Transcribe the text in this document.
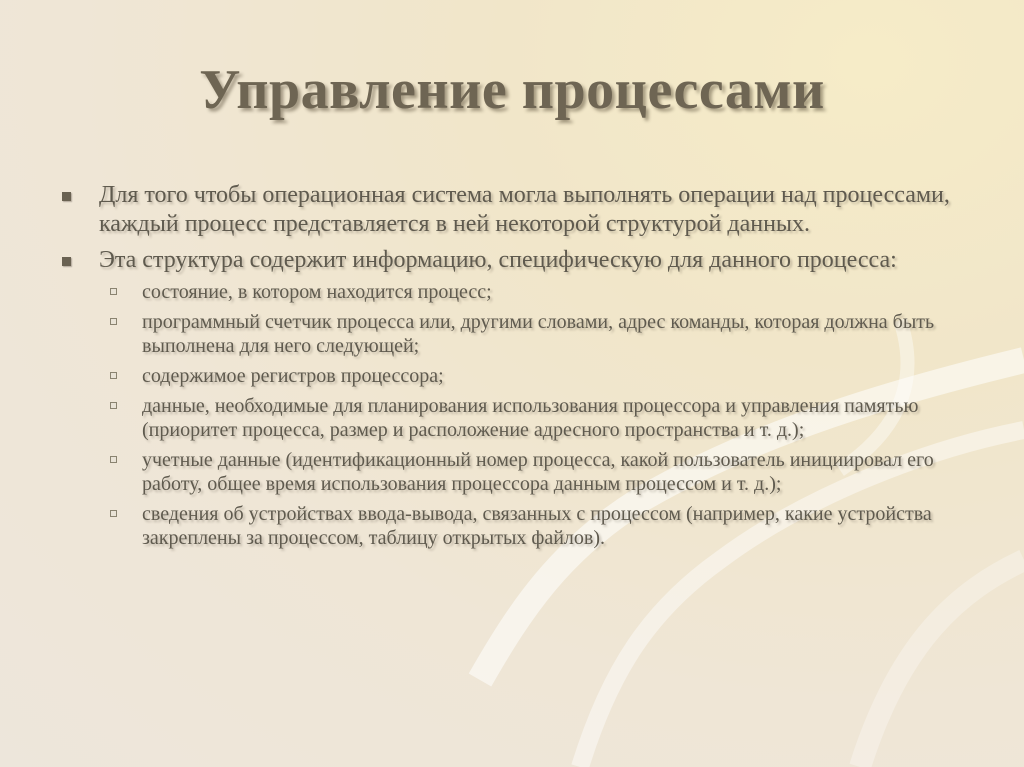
Управление процессами
Для того чтобы операционная система могла выполнять операции над процессами, каждый процесс представляется в ней некоторой структурой данных.
Эта структура содержит информацию, специфическую для данного процесса:
состояние, в котором находится процесс;
программный счетчик процесса или, другими словами, адрес команды, которая должна быть выполнена для него следующей;
содержимое регистров процессора;
данные, необходимые для планирования использования процессора и управления памятью (приоритет процесса, размер и расположение адресного пространства и т. д.);
учетные данные (идентификационный номер процесса, какой пользователь инициировал его работу, общее время использования процессора данным процессом и т. д.);
сведения об устройствах ввода-вывода, связанных с процессом (например, какие устройства закреплены за процессом, таблицу открытых файлов).
